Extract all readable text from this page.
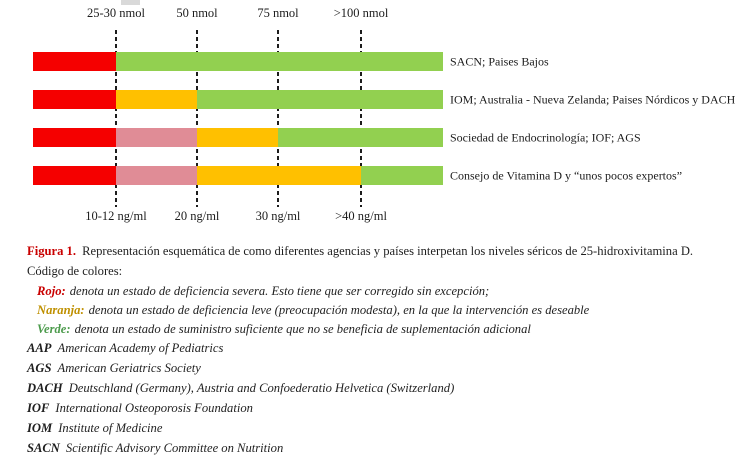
25-30 nmol	50 nmol	75 nmol	>100 nmol
10-12 ng/ml 20 ng/ml	30 ng/ml	>40 ng/ml
SACN; Paises Bajos
IOM; Australia - Nueva Zelanda; Paises Nórdicos y DACH
Sociedad de Endocrinología; IOF; AGS
Consejo de Vitamina D y “unos pocos expertos”

Figura 1. Representación esquemática de como diferentes agencias y países interpetan los niveles séricos de 25-hidroxivitamina D.

Código de colores:

Rojo: denota un estado de deficiencia severa. Esto tiene que ser corregido sin excepción;

Naranja: denota un estado de deficiencia leve (preocupación modesta), en la que la intervención es deseable

Verde: denota un estado de suministro suficiente que no se beneficia de suplementación adicional

AAP American Academy of Pediatrics

AGS American Geriatrics Society

DACH Deutschland (Germany), Austria and Confoederatio Helvetica (Switzerland)

IOF International Osteoporosis Foundation

IOM Institute of Medicine

SACN Scientific Advisory Committee on Nutrition
